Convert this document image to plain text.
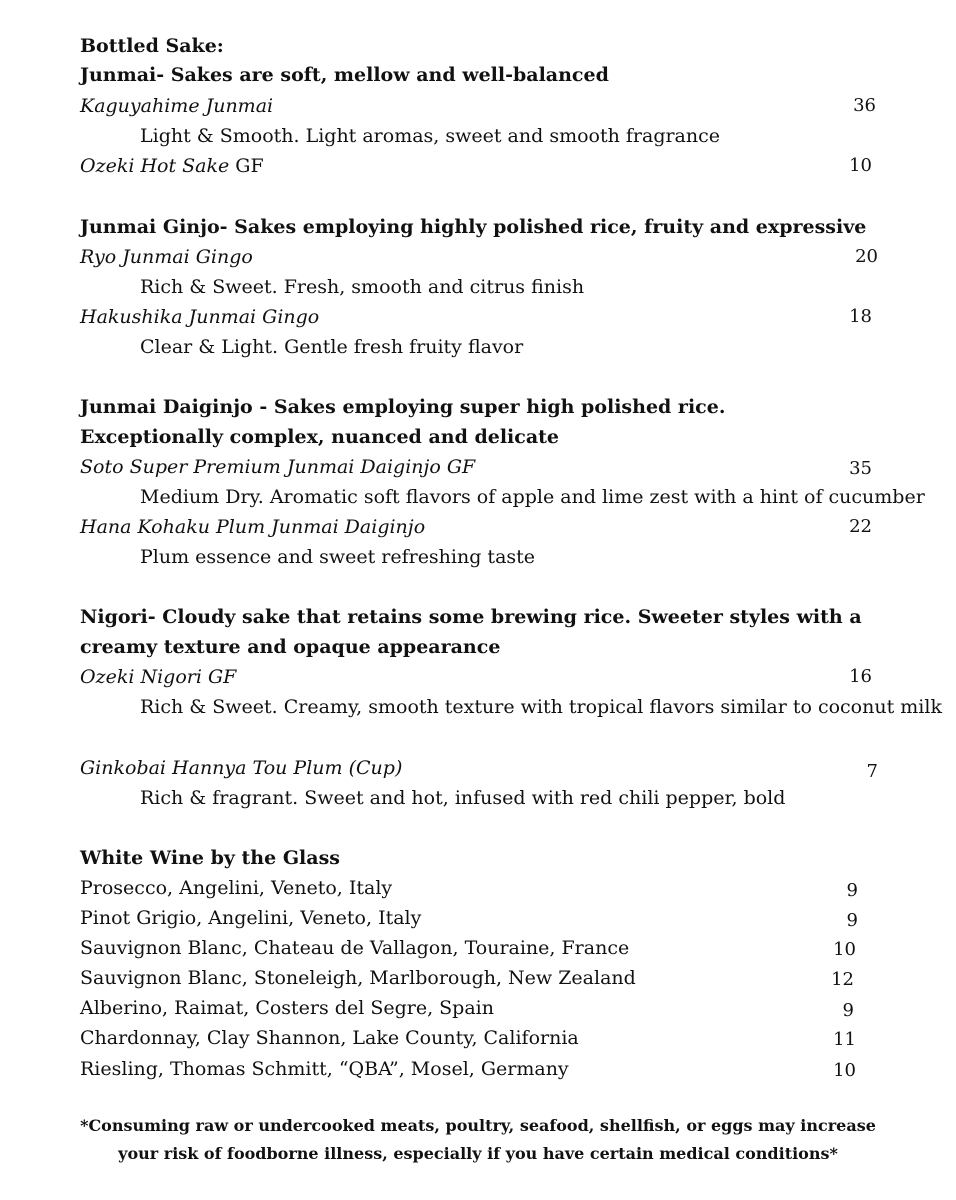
Bottled Sake:
Junmai- Sakes are soft, mellow and well-balanced
Kaguyahime Junmai	36
Light & Smooth. Light aromas, sweet and smooth fragrance
Ozeki Hot Sake GF	10
Junmai Ginjo- Sakes employing highly polished rice, fruity and expressive
Ryo Junmai Gingo	20
Rich & Sweet. Fresh, smooth and citrus finish
Hakushika Junmai Gingo	18
Clear & Light. Gentle fresh fruity flavor
Junmai Daiginjo - Sakes employing super high polished rice. Exceptionally complex, nuanced and delicate
Soto Super Premium Junmai Daiginjo GF	35
Medium Dry. Aromatic soft flavors of apple and lime zest with a hint of cucumber
Hana Kohaku Plum Junmai Daiginjo	22
Plum essence and sweet refreshing taste
Nigori- Cloudy sake that retains some brewing rice. Sweeter styles with a creamy texture and opaque appearance
Ozeki Nigori GF	16
Rich & Sweet. Creamy, smooth texture with tropical flavors similar to coconut milk
Ginkobai Hannya Tou Plum (Cup)	7
Rich & fragrant. Sweet and hot, infused with red chili pepper, bold
White Wine by the Glass
Prosecco, Angelini, Veneto, Italy	9
Pinot Grigio, Angelini, Veneto, Italy	9
Sauvignon Blanc, Chateau de Vallagon, Touraine, France	10
Sauvignon Blanc, Stoneleigh, Marlborough, New Zealand	12
Alberino, Raimat, Costers del Segre, Spain	9
Chardonnay, Clay Shannon, Lake County, California	11
Riesling, Thomas Schmitt, “QBA”, Mosel, Germany	10
*Consuming raw or undercooked meats, poultry, seafood, shellfish, or eggs may increase your risk of foodborne illness, especially if you have certain medical conditions*
